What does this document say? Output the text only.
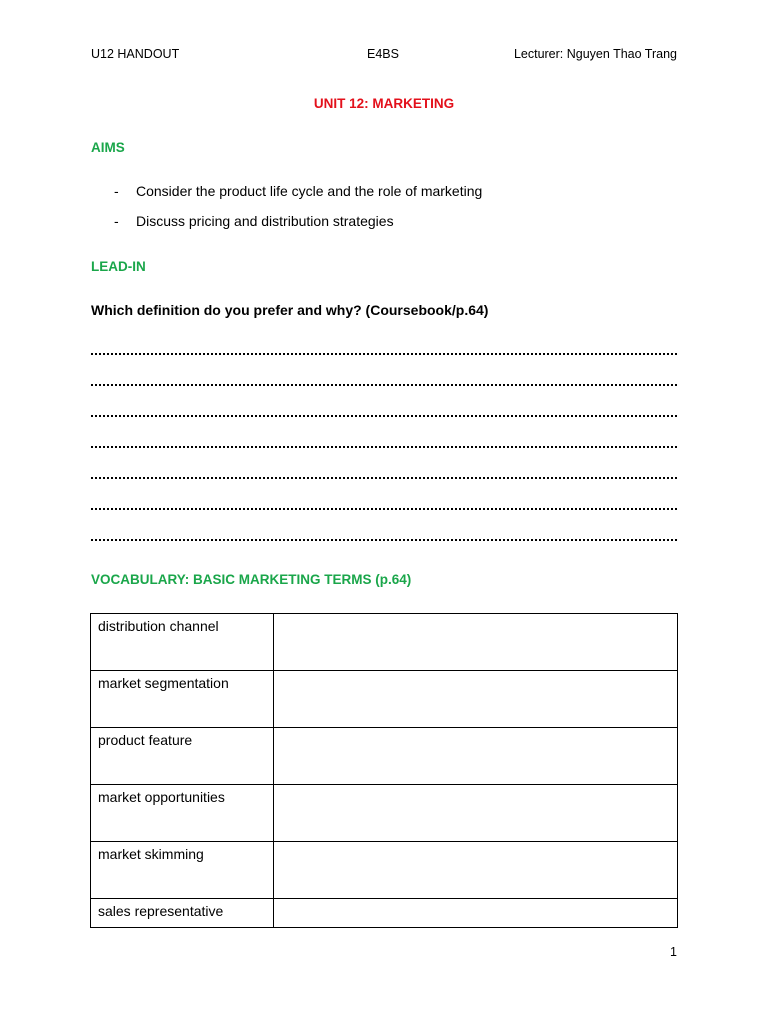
U12 HANDOUT	E4BS	Lecturer: Nguyen Thao Trang
UNIT 12: MARKETING
AIMS
- Consider the product life cycle and the role of marketing
- Discuss pricing and distribution strategies
LEAD-IN
Which definition do you prefer and why? (Coursebook/p.64)
VOCABULARY: BASIC MARKETING TERMS (p.64)
distribution channel	
market segmentation	
product feature	
market opportunities	
market skimming	
sales representative	
1
